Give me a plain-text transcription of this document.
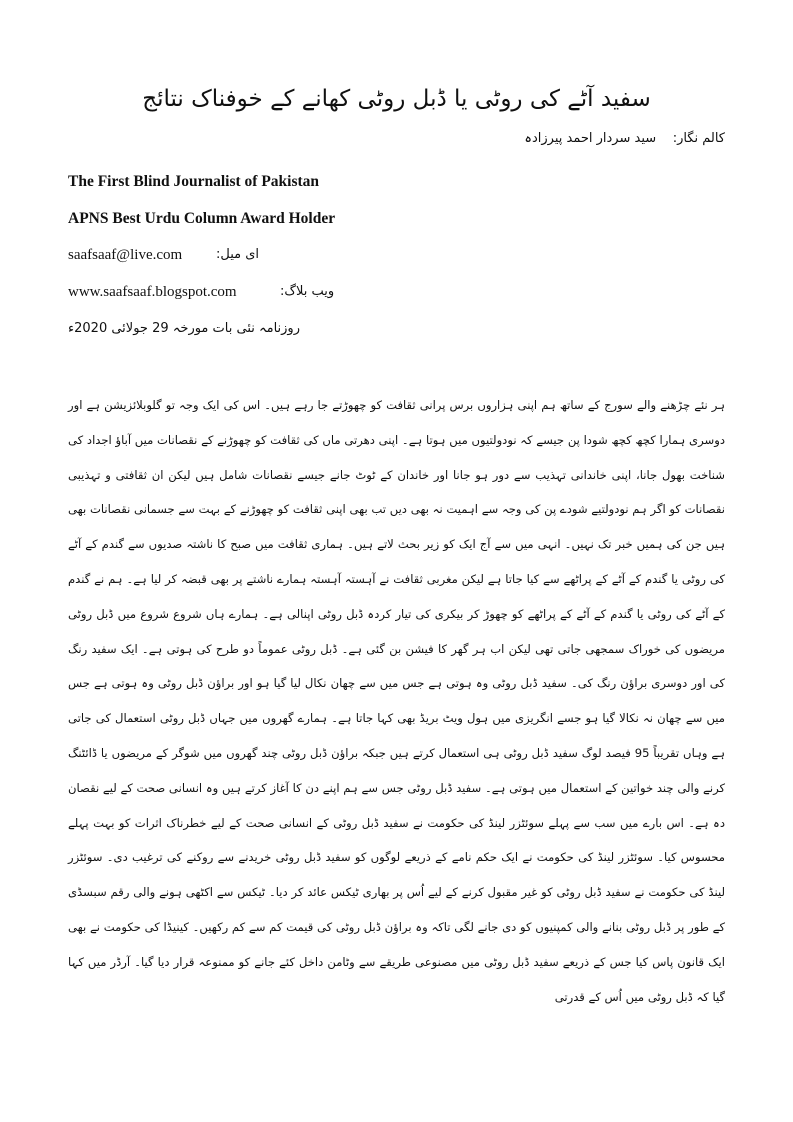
سفید آٹے کی روٹی یا ڈبل روٹی کھانے کے خوفناک نتائج
کالم نگار:    سید سردار احمد پیرزادہ
The First Blind Journalist of Pakistan
APNS Best Urdu Column Award Holder
saafsaaf@live.com	ای میل:
www.saafsaaf.blogspot.com	ویب بلاگ:
روزنامہ نئی بات مورخہ 29 جولائی 2020ء
ہر نئے چڑھنے والے سورج کے ساتھ ہم اپنی ہزاروں برس پرانی ثقافت کو چھوڑتے جا رہے ہیں۔ اس کی ایک وجہ تو گلوبلائزیشن ہے اور دوسری ہمارا کچھ کچھ شودا پن جیسے کہ نودولتیوں میں ہوتا ہے۔ اپنی دھرتی ماں کی ثقافت کو چھوڑنے کے نقصانات میں آباؤ اجداد کی شناخت بھول جانا، اپنی خاندانی تہذیب سے دور ہو جانا اور خاندان کے ٹوٹ جانے جیسے نقصانات شامل ہیں لیکن ان ثقافتی و تہذیبی نقصانات کو اگر ہم نودولتیے شودے پن کی وجہ سے اہمیت نہ بھی دیں تب بھی اپنی ثقافت کو چھوڑنے کے بہت سے جسمانی نقصانات بھی ہیں جن کی ہمیں خبر تک نہیں۔ انہی میں سے آج ایک کو زیر بحث لاتے ہیں۔ ہماری ثقافت میں صبح کا ناشتہ صدیوں سے گندم کے آٹے کی روٹی یا گندم کے آٹے کے پراٹھے سے کیا جاتا ہے لیکن مغربی ثقافت نے آہستہ آہستہ ہمارے ناشتے پر بھی قبضہ کر لیا ہے۔ ہم نے گندم کے آٹے کی روٹی یا گندم کے آٹے کے پراٹھے کو چھوڑ کر بیکری کی تیار کردہ ڈبل روٹی اپنالی ہے۔ ہمارے ہاں شروع شروع میں ڈبل روٹی مریضوں کی خوراک سمجھی جاتی تھی لیکن اب ہر گھر کا فیشن بن گئی ہے۔ ڈبل روٹی عموماً دو طرح کی ہوتی ہے۔ ایک سفید رنگ کی اور دوسری براؤن رنگ کی۔ سفید ڈبل روٹی وہ ہوتی ہے جس میں سے چھان نکال لیا گیا ہو اور براؤن ڈبل روٹی وہ ہوتی ہے جس میں سے چھان نہ نکالا گیا ہو جسے انگریزی میں ہول ویٹ بریڈ بھی کہا جاتا ہے۔ ہمارے گھروں میں جہاں ڈبل روٹی استعمال کی جاتی ہے وہاں تقریباً 95 فیصد لوگ سفید ڈبل روٹی ہی استعمال کرتے ہیں جبکہ براؤن ڈبل روٹی چند گھروں میں شوگر کے مریضوں یا ڈائٹنگ کرنے والی چند خواتین کے استعمال میں ہوتی ہے۔ سفید ڈبل روٹی جس سے ہم اپنے دن کا آغاز کرتے ہیں وہ انسانی صحت کے لیے نقصان دہ ہے۔ اس بارے میں سب سے پہلے سوئٹزر لینڈ کی حکومت نے سفید ڈبل روٹی کے انسانی صحت کے لیے خطرناک اثرات کو بہت پہلے محسوس کیا۔ سوئٹزر لینڈ کی حکومت نے ایک حکم نامے کے ذریعے لوگوں کو سفید ڈبل روٹی خریدنے سے روکنے کی ترغیب دی۔ سوئٹزر لینڈ کی حکومت نے سفید ڈبل روٹی کو غیر مقبول کرنے کے لیے اُس پر بھاری ٹیکس عائد کر دیا۔ ٹیکس سے اکٹھی ہونے والی رقم سبسڈی کے طور پر ڈبل روٹی بنانے والی کمپنیوں کو دی جانے لگی تاکہ وہ براؤن ڈبل روٹی کی قیمت کم سے کم رکھیں۔ کینیڈا کی حکومت نے بھی ایک قانون پاس کیا جس کے ذریعے سفید ڈبل روٹی میں مصنوعی طریقے سے وٹامن داخل کئے جانے کو ممنوعہ قرار دیا گیا۔ آرڈر میں کہا گیا کہ ڈبل روٹی میں اُس کے قدرتی
